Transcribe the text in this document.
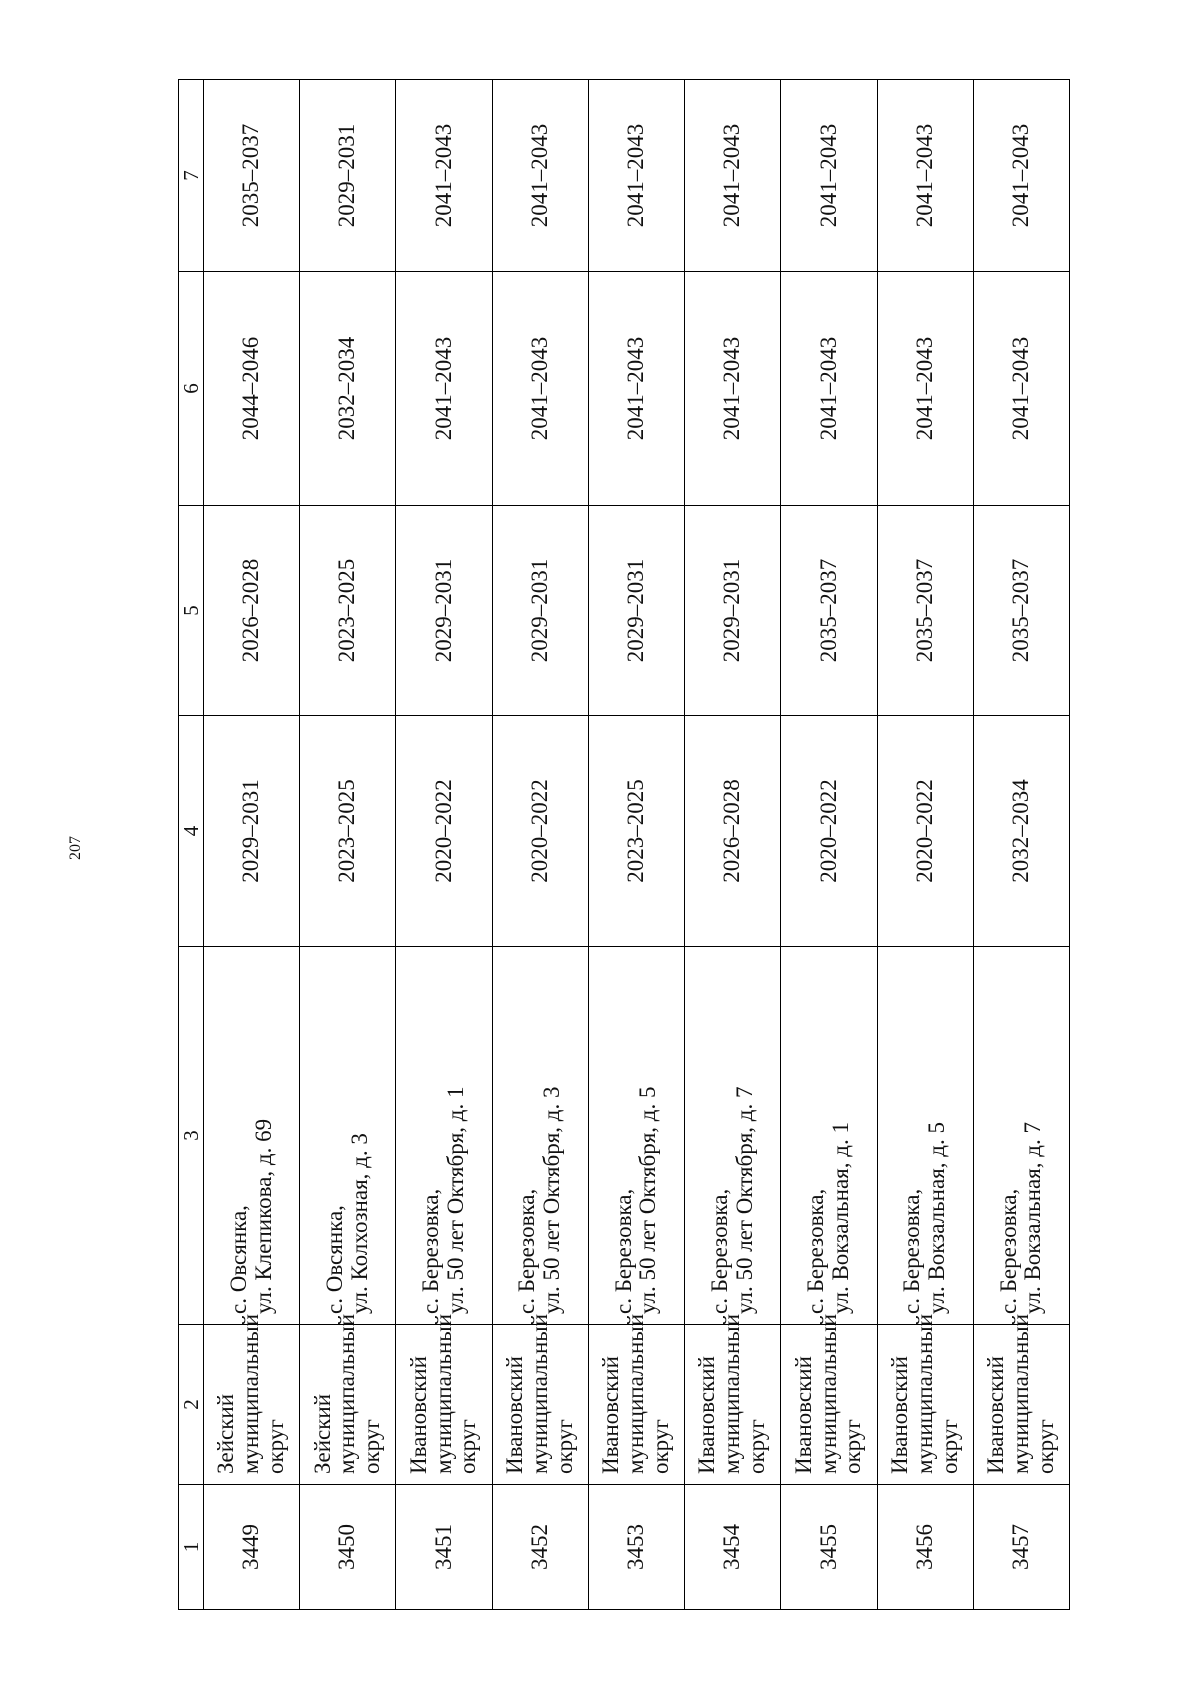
207
1	2	3	4	5	6	7
3449	Зейский муниципальный округ	с. Овсянка, ул. Клепикова, д. 69	2029–2031	2026–2028	2044–2046	2035–2037
3450	Зейский муниципальный округ	с. Овсянка, ул. Колхозная, д. 3	2023–2025	2023–2025	2032–2034	2029–2031
3451	Ивановский муниципальный округ	с. Березовка, ул. 50 лет Октября, д. 1	2020–2022	2029–2031	2041–2043	2041–2043
3452	Ивановский муниципальный округ	с. Березовка, ул. 50 лет Октября, д. 3	2020–2022	2029–2031	2041–2043	2041–2043
3453	Ивановский муниципальный округ	с. Березовка, ул. 50 лет Октября, д. 5	2023–2025	2029–2031	2041–2043	2041–2043
3454	Ивановский муниципальный округ	с. Березовка, ул. 50 лет Октября, д. 7	2026–2028	2029–2031	2041–2043	2041–2043
3455	Ивановский муниципальный округ	с. Березовка, ул. Вокзальная, д. 1	2020–2022	2035–2037	2041–2043	2041–2043
3456	Ивановский муниципальный округ	с. Березовка, ул. Вокзальная, д. 5	2020–2022	2035–2037	2041–2043	2041–2043
3457	Ивановский муниципальный округ	с. Березовка, ул. Вокзальная, д. 7	2032–2034	2035–2037	2041–2043	2041–2043
